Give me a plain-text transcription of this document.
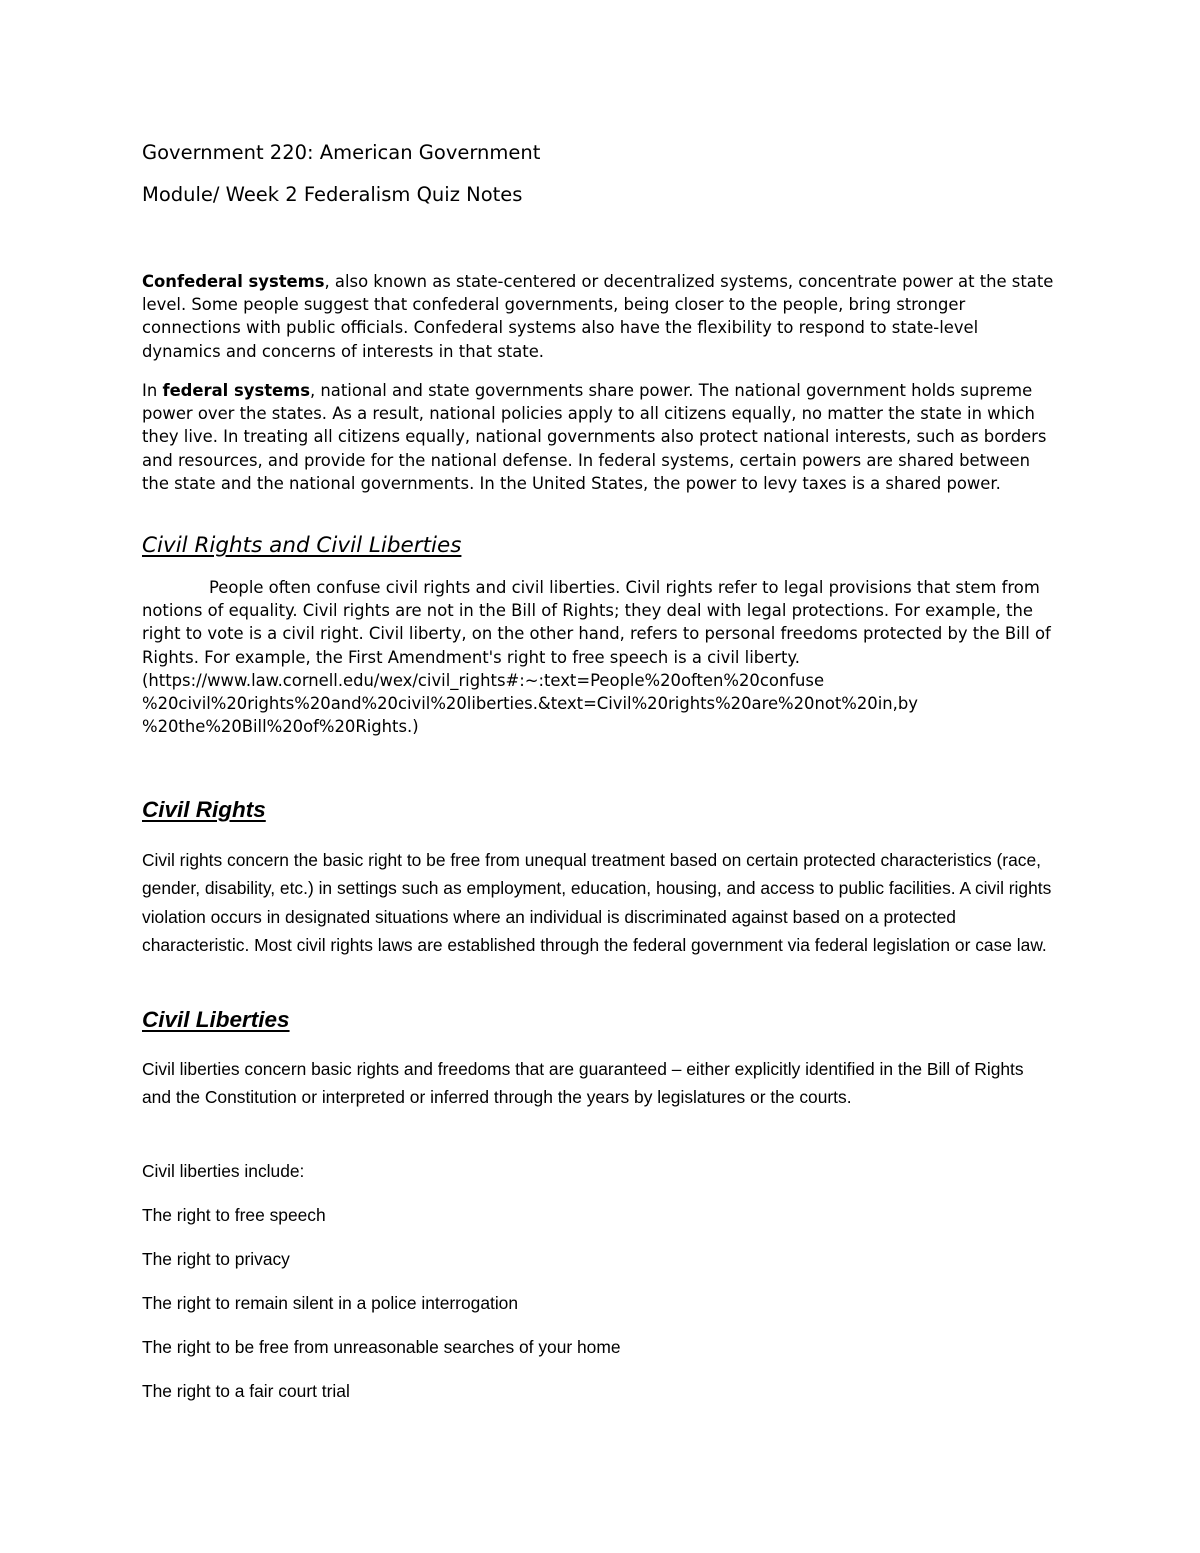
Government 220: American Government
Module/ Week 2 Federalism Quiz Notes

Confederal systems, also known as state-centered or decentralized systems, concentrate power at the state level. Some people suggest that confederal governments, being closer to the people, bring stronger connections with public officials. Confederal systems also have the flexibility to respond to state-level dynamics and concerns of interests in that state.

In federal systems, national and state governments share power. The national government holds supreme power over the states. As a result, national policies apply to all citizens equally, no matter the state in which they live. In treating all citizens equally, national governments also protect national interests, such as borders and resources, and provide for the national defense. In federal systems, certain powers are shared between the state and the national governments. In the United States, the power to levy taxes is a shared power.

Civil Rights and Civil Liberties

People often confuse civil rights and civil liberties. Civil rights refer to legal provisions that stem from notions of equality. Civil rights are not in the Bill of Rights; they deal with legal protections. For example, the right to vote is a civil right. Civil liberty, on the other hand, refers to personal freedoms protected by the Bill of Rights. For example, the First Amendment's right to free speech is a civil liberty.(https://www.law.cornell.edu/wex/civil_rights#:~:text=People%20often%20confuse
%20civil%20rights%20and%20civil%20liberties.&text=Civil%20rights%20are%20not%20in,by
%20the%20Bill%20of%20Rights.)

Civil Rights

Civil rights concern the basic right to be free from unequal treatment based on certain protected characteristics (race, gender, disability, etc.) in settings such as employment, education, housing, and access to public facilities. A civil rights violation occurs in designated situations where an individual is discriminated against based on a protected characteristic. Most civil rights laws are established through the federal government via federal legislation or case law.

Civil Liberties

Civil liberties concern basic rights and freedoms that are guaranteed – either explicitly identified in the Bill of Rights and the Constitution or interpreted or inferred through the years by legislatures or the courts.

Civil liberties include:

The right to free speech

The right to privacy

The right to remain silent in a police interrogation

The right to be free from unreasonable searches of your home

The right to a fair court trial
